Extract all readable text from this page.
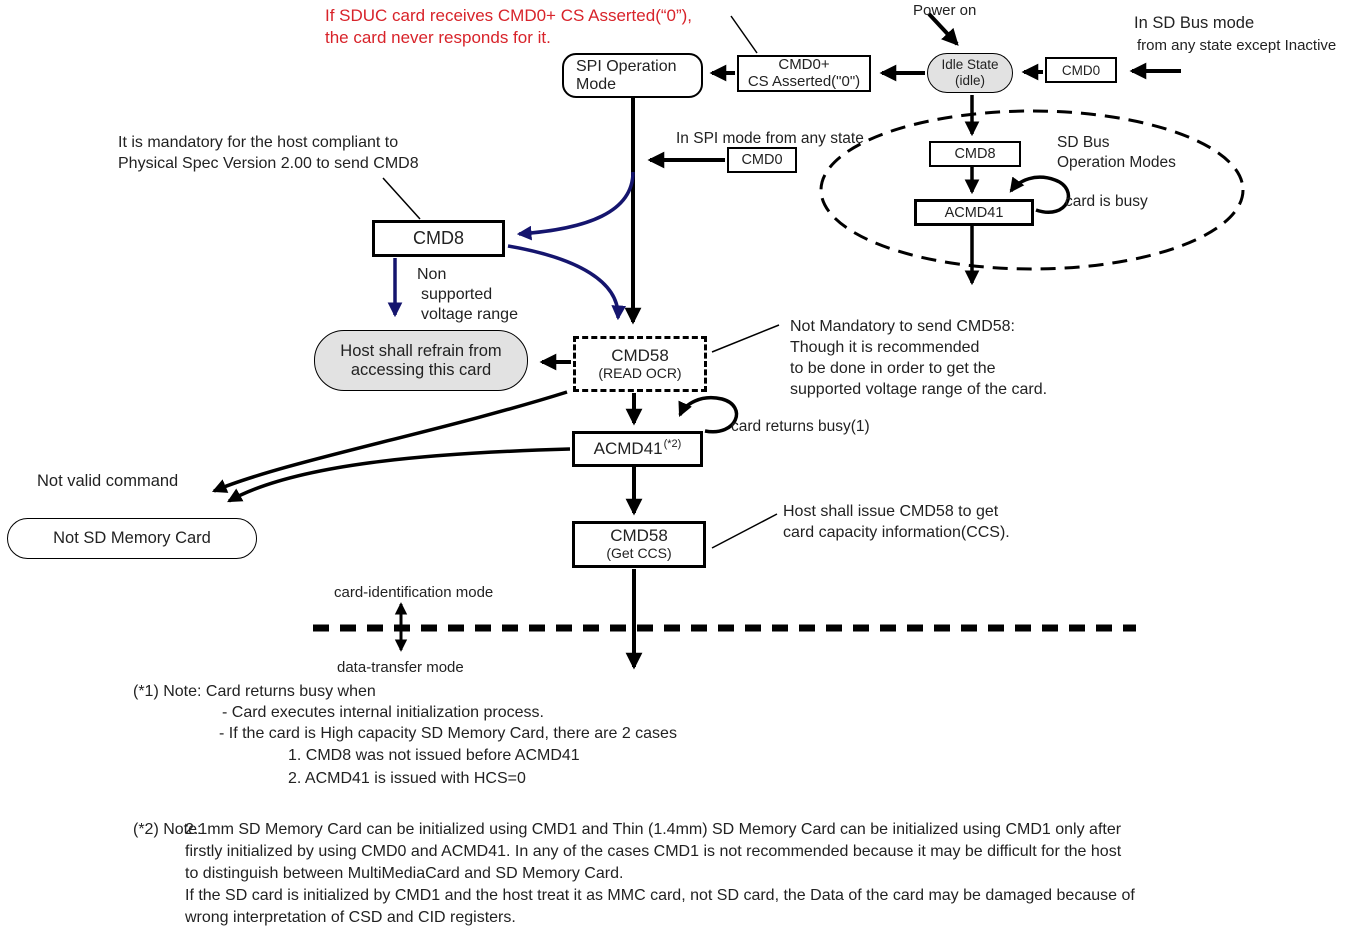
SPI Operation
Mode
CMD0+
CS Asserted("0")
Idle State
(idle)
CMD0
CMD0	CMD8
ACMD41
CMD8
Host shall refrain from
accessing this card
CMD58
(READ OCR)
$ACMD41^{(*2)}$
Not SD Memory Card	CMD58
(Get CCS)
If SDUC card receives CMD0+ CS Asserted(“0”),
the card never responds for it.
Power on
In SD Bus mode
from any state except Inactive
In SPI mode from any state	SD Bus
Operation Modes
card is busy
It is mandatory for the host compliant to
Physical Spec Version 2.00 to send CMD8
Non
supported
voltage range
Not Mandatory to send CMD58:
Though it is recommended
to be done in order to get the
supported voltage range of the card.
card returns busy(1)
Not valid command
Host shall issue CMD58 to get
card capacity information(CCS).
card-identification mode
data-transfer mode
(*1) Note: Card returns busy when
- Card executes internal initialization process.
- If the card is High capacity SD Memory Card, there are 2 cases
1. CMD8 was not issued before ACMD41
2. ACMD41 is issued with HCS=0
(*2) Note:
2.1mm SD Memory Card can be initialized using CMD1 and Thin (1.4mm) SD Memory Card can be initialized using CMD1 only after
firstly initialized by using CMD0 and ACMD41. In any of the cases CMD1 is not recommended because it may be difficult for the host
to distinguish between MultiMediaCard and SD Memory Card.
If the SD card is initialized by CMD1 and the host treat it as MMC card, not SD card, the Data of the card may be damaged because of
wrong interpretation of CSD and CID registers.
